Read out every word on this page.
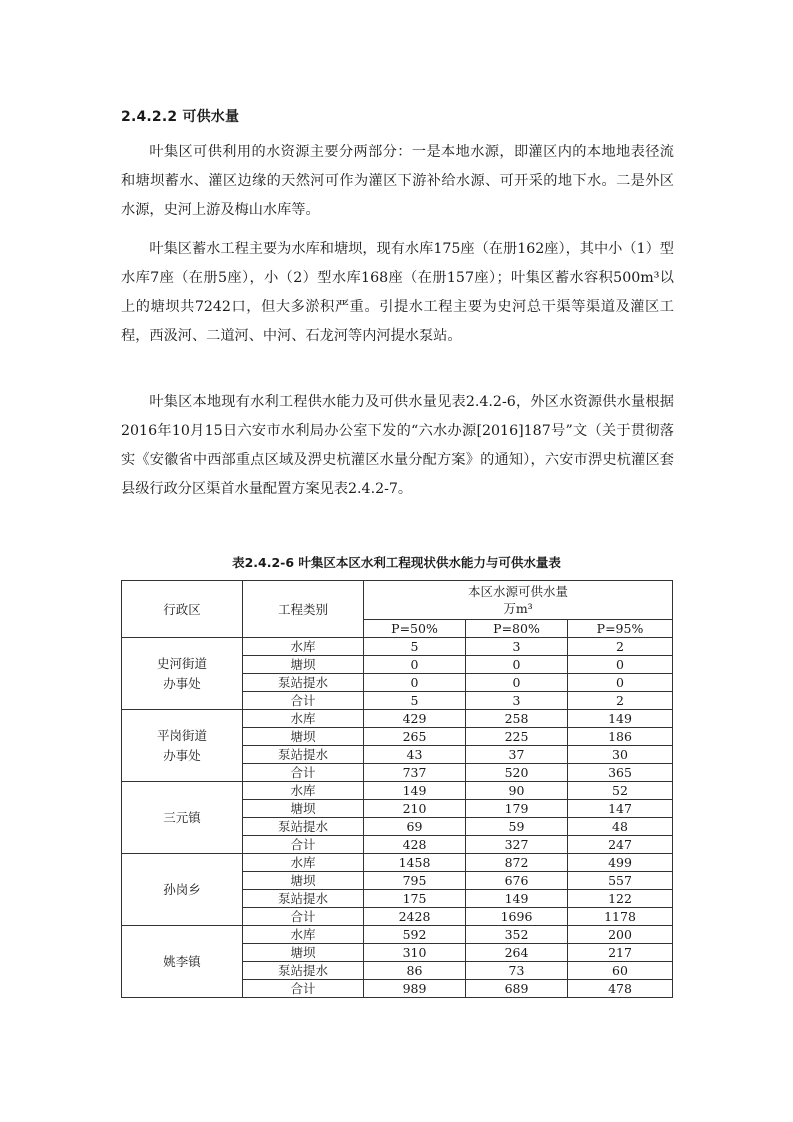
2.4.2.2 可供水量

叶集区可供利用的水资源主要分两部分：一是本地水源，即灌区内的本地地表径流和塘坝蓄水、灌区边缘的天然河可作为灌区下游补给水源、可开采的地下水。二是外区水源，史河上游及梅山水库等。

叶集区蓄水工程主要为水库和塘坝，现有水库175座（在册162座），其中小（1）型水库7座（在册5座），小（2）型水库168座（在册157座）；叶集区蓄水容积500m³以上的塘坝共7242口，但大多淤积严重。引提水工程主要为史河总干渠等渠道及灌区工程，西汲河、二道河、中河、石龙河等内河提水泵站。

叶集区本地现有水利工程供水能力及可供水量见表2.4.2-6，外区水资源供水量根据2016年10月15日六安市水利局办公室下发的“六水办源[2016]187号”文（关于贯彻落实《安徽省中西部重点区域及淠史杭灌区水量分配方案》的通知），六安市淠史杭灌区套县级行政分区渠首水量配置方案见表2.4.2-7。

表2.4.2-6 叶集区本区水利工程现状供水能力与可供水量表
行政区	工程类别	本区水源可供水量
万m³		

		P=50%	P=80%	P=95%

史河街道
办事处	水库	5	3	2
	塘坝	0	0	0
	泵站提水	0	0	0
	合计	5	3	2

平岗街道
办事处	水库	429	258	149
	塘坝	265	225	186
	泵站提水	43	37	30
	合计	737	520	365

三元镇	水库	149	90	52
	塘坝	210	179	147
	泵站提水	69	59	48
	合计	428	327	247

孙岗乡	水库	1458	872	499
	塘坝	795	676	557
	泵站提水	175	149	122
	合计	2428	1696	1178

姚李镇	水库	592	352	200
	塘坝	310	264	217
	泵站提水	86	73	60
	合计	989	689	478
